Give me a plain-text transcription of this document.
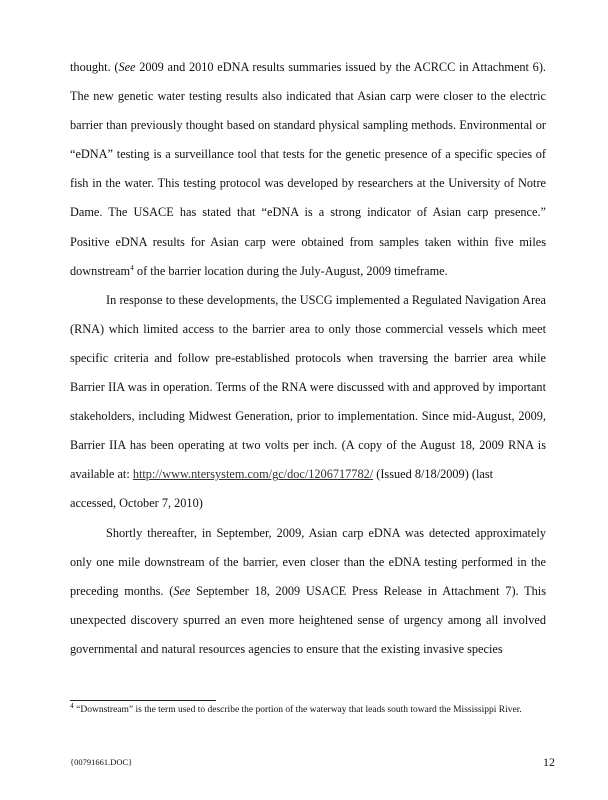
thought. (See 2009 and 2010 eDNA results summaries issued by the ACRCC in Attachment 6).
The new genetic water testing results also indicated that Asian carp were closer to the electric
barrier than previously thought based on standard physical sampling methods. Environmental or
“eDNA” testing is a surveillance tool that tests for the genetic presence of a specific species of
fish in the water. This testing protocol was developed by researchers at the University of Notre
Dame. The USACE has stated that “eDNA is a strong indicator of Asian carp presence.”
Positive eDNA results for Asian carp were obtained from samples taken within five miles
downstream$^4$ of the barrier location during the July-August, 2009 timeframe.
In response to these developments, the USCG implemented a Regulated Navigation Area
(RNA) which limited access to the barrier area to only those commercial vessels which meet
specific criteria and follow pre-established protocols when traversing the barrier area while
Barrier IIA was in operation. Terms of the RNA were discussed with and approved by important
stakeholders, including Midwest Generation, prior to implementation. Since mid-August, 2009,
Barrier IIA has been operating at two volts per inch. (A copy of the August 18, 2009 RNA is
available at: http://www.ntersystem.com/gc/doc/1206717782/ (Issued 8/18/2009) (last
accessed, October 7, 2010)
Shortly thereafter, in September, 2009, Asian carp eDNA was detected approximately
only one mile downstream of the barrier, even closer than the eDNA testing performed in the
preceding months. (See September 18, 2009 USACE Press Release in Attachment 7). This
unexpected discovery spurred an even more heightened sense of urgency among all involved
governmental and natural resources agencies to ensure that the existing invasive species
$^4$ “Downstream” is the term used to describe the portion of the waterway that leads south toward the Mississippi River.
{00791661.DOC}	12
